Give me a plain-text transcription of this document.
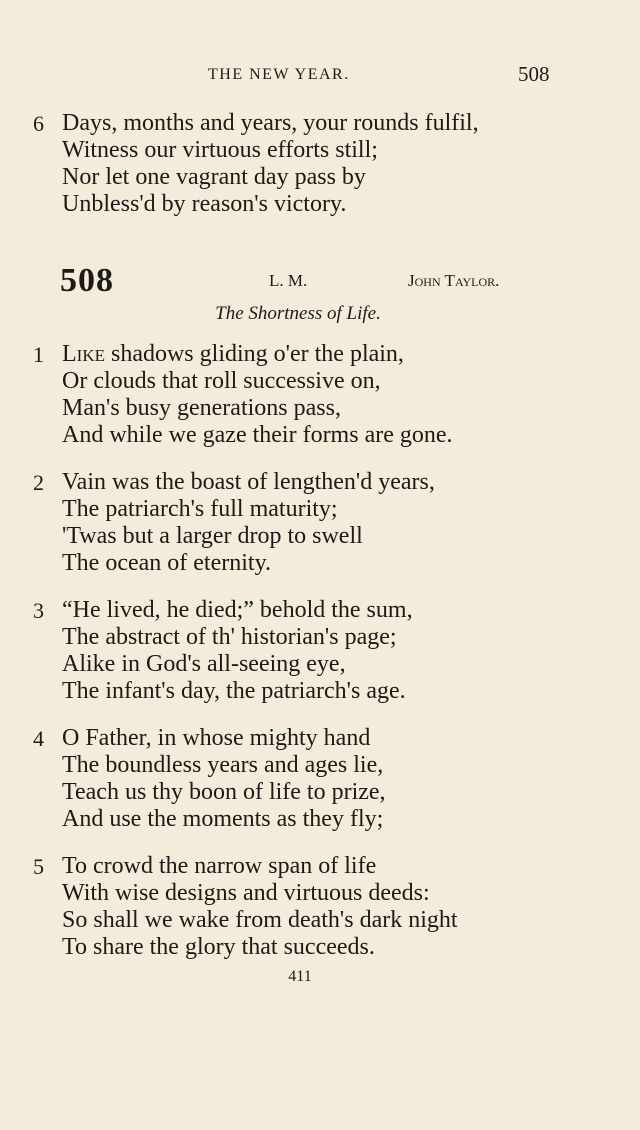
THE NEW YEAR.	508
6 Days, months and years, your rounds fulfil,
Witness our virtuous efforts still;
Nor let one vagrant day pass by
Unbless'd by reason's victory.
508	L. M.	John Taylor.
The Shortness of Life.
1 Like shadows gliding o'er the plain,
Or clouds that roll successive on,
Man's busy generations pass,
And while we gaze their forms are gone.
2 Vain was the boast of lengthen'd years,
The patriarch's full maturity;
'Twas but a larger drop to swell
The ocean of eternity.
3 “He lived, he died;” behold the sum,
The abstract of th' historian's page;
Alike in God's all-seeing eye,
The infant's day, the patriarch's age.
4 O Father, in whose mighty hand
The boundless years and ages lie,
Teach us thy boon of life to prize,
And use the moments as they fly;
5 To crowd the narrow span of life
With wise designs and virtuous deeds:
So shall we wake from death's dark night
To share the glory that succeeds.
411
